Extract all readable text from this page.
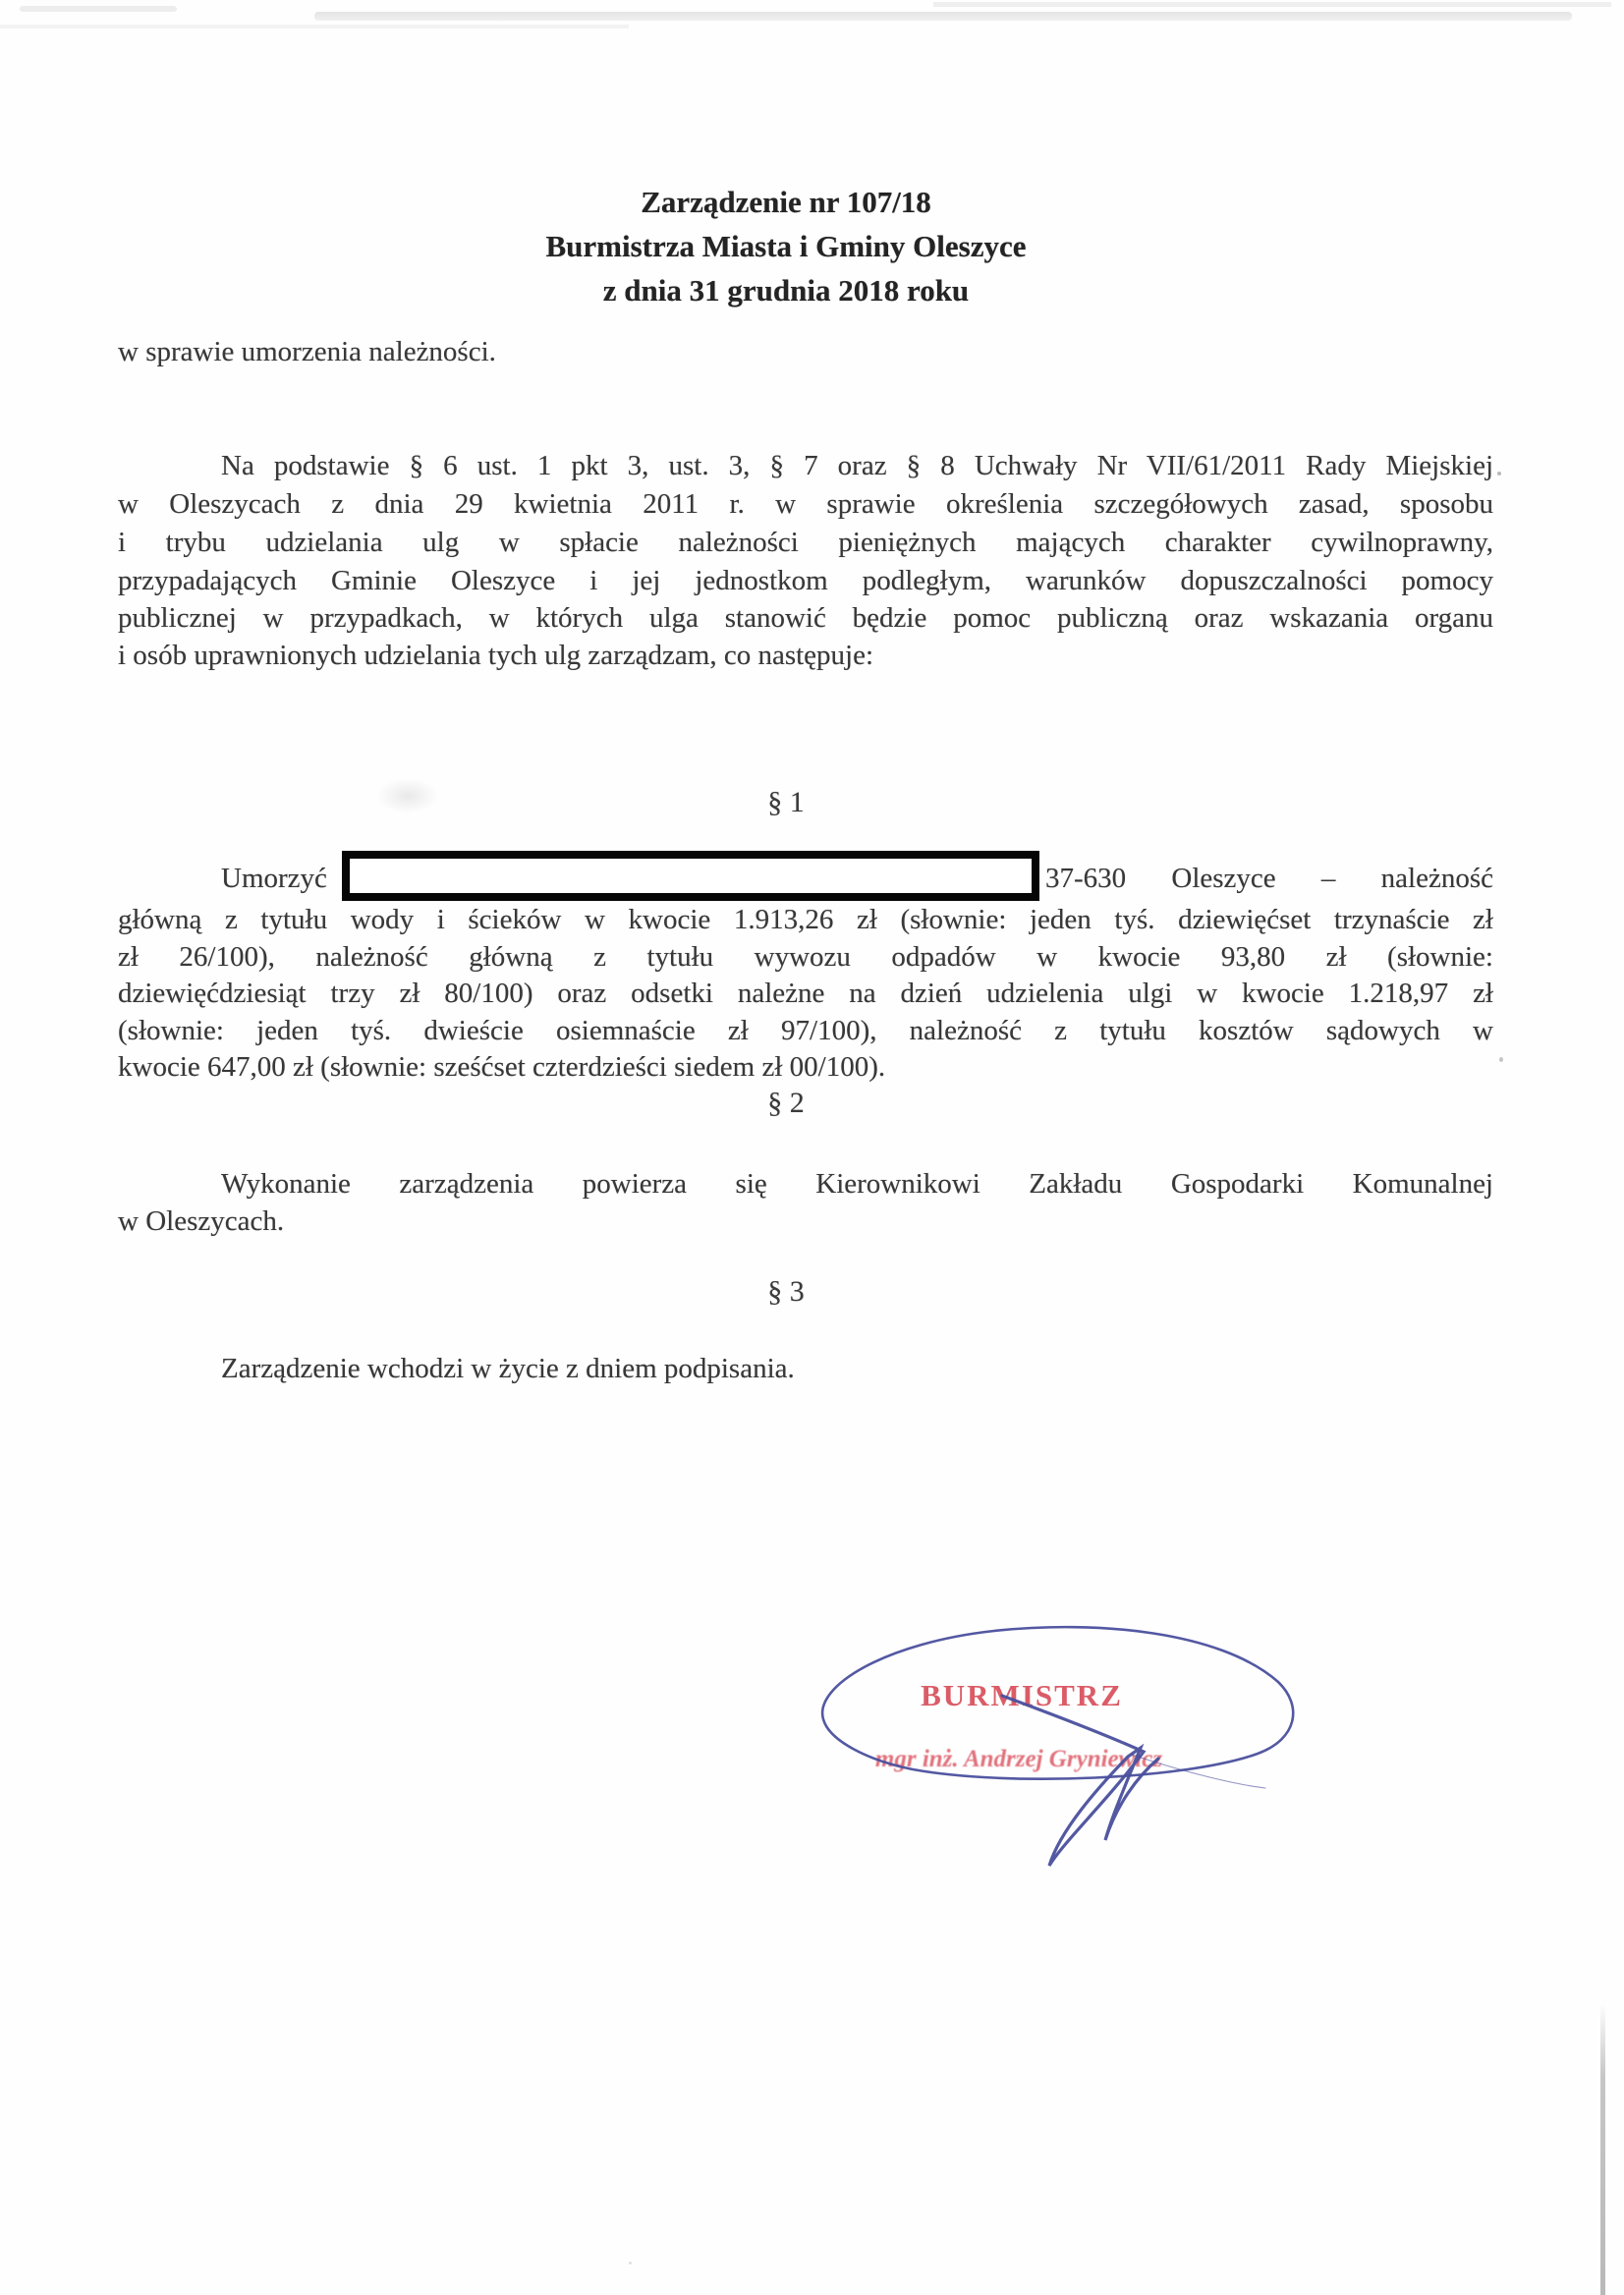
Zarządzenie nr 107/18
Burmistrza Miasta i Gminy Oleszyce
z dnia 31 grudnia 2018 roku
w sprawie umorzenia należności.
Na podstawie § 6 ust. 1 pkt 3, ust. 3, § 7 oraz § 8 Uchwały Nr VII/61/2011 Rady Miejskiej
w Oleszycach z dnia 29 kwietnia 2011 r. w sprawie określenia szczegółowych zasad, sposobu
i trybu udzielania ulg w spłacie należności pieniężnych mających charakter cywilnoprawny,
przypadających Gminie Oleszyce i jej jednostkom podległym, warunków dopuszczalności pomocy
publicznej w przypadkach, w których ulga stanowić będzie pomoc publiczną oraz wskazania organu
i osób uprawnionych udzielania tych ulg zarządzam, co następuje:
§ 1
Umorzyć	37-630 Oleszyce – należność
główną z tytułu wody i ścieków w kwocie 1.913,26 zł (słownie: jeden tyś. dziewięćset trzynaście zł
zł 26/100), należność główną z tytułu wywozu odpadów w kwocie 93,80 zł (słownie:
dziewięćdziesiąt trzy zł 80/100) oraz odsetki należne na dzień udzielenia ulgi w kwocie 1.218,97 zł
(słownie: jeden tyś. dwieście osiemnaście zł 97/100), należność z tytułu kosztów sądowych w
kwocie 647,00 zł (słownie: sześćset czterdzieści siedem zł 00/100).
§ 2
Wykonanie zarządzenia powierza się Kierownikowi Zakładu Gospodarki Komunalnej
w Oleszycach.
§ 3
Zarządzenie wchodzi w życie z dniem podpisania.
BURMISTRZ
mgr inż. Andrzej Gryniewicz
